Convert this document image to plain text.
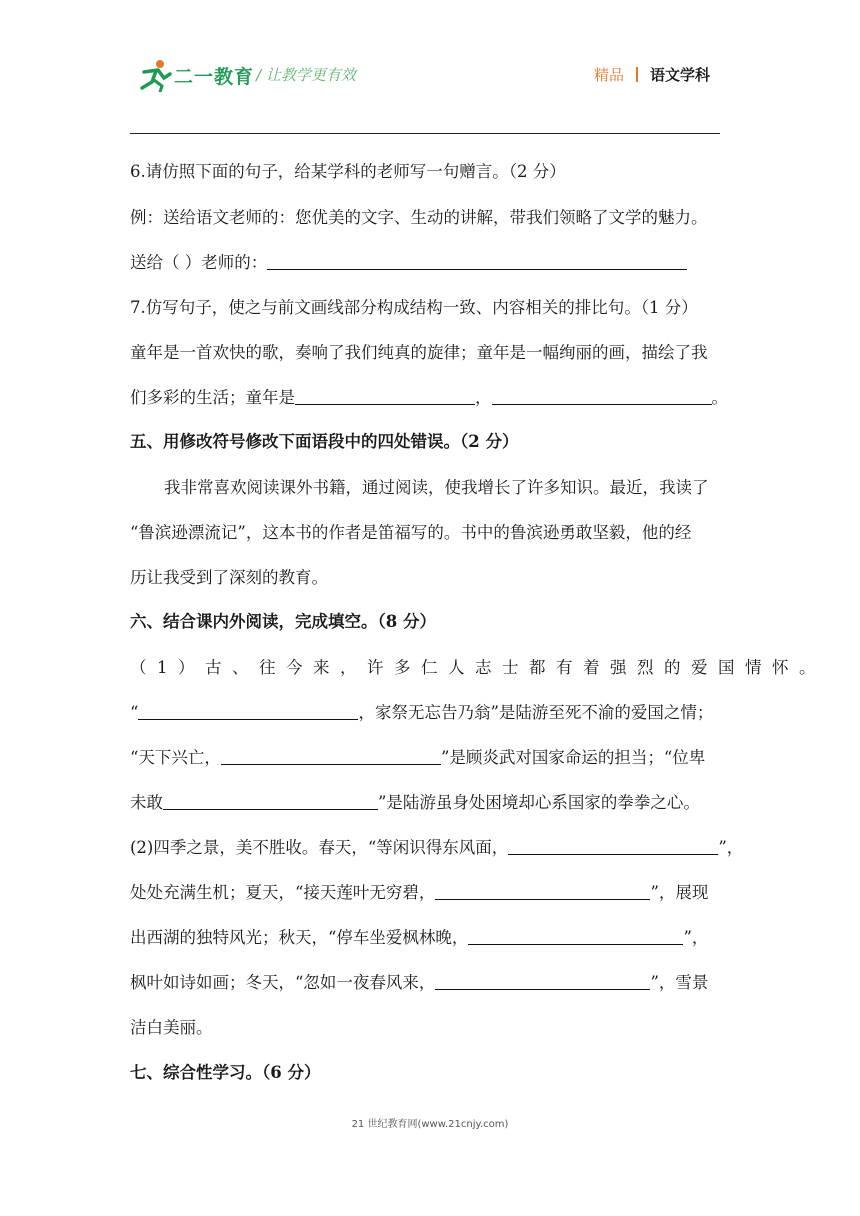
二一教育 / 让教学更有效	精品 语文学科
6.请仿照下面的句子，给某学科的老师写一句赠言。（2 分）
例：送给语文老师的：您优美的文字、生动的讲解，带我们领略了文学的魅力。
送给（ ）老师的：
7.仿写句子，使之与前文画线部分构成结构一致、内容相关的排比句。（1 分）
童年是一首欢快的歌，奏响了我们纯真的旋律；童年是一幅绚丽的画，描绘了我
们多彩的生活；童年是	，	。
五、用修改符号修改下面语段中的四处错误。（2 分）
我非常喜欢阅读课外书籍，通过阅读，使我增长了许多知识。最近，我读了
“鲁滨逊漂流记”，这本书的作者是笛福写的。书中的鲁滨逊勇敢坚毅，他的经
历让我受到了深刻的教育。
六、结合课内外阅读，完成填空。（8 分）
（1）古、往今来，许多仁人志士都有着强烈的爱国情怀。
“	，家祭无忘告乃翁”是陆游至死不渝的爱国之情；
“天下兴亡，	”是顾炎武对国家命运的担当；“位卑
未敢	”是陆游虽身处困境却心系国家的拳拳之心。
(2)四季之景，美不胜收。春天，“等闲识得东风面，	”，
处处充满生机；夏天，“接天莲叶无穷碧，	”，展现
出西湖的独特风光；秋天，“停车坐爱枫林晚，	”，
枫叶如诗如画；冬天，“忽如一夜春风来，	”，雪景
洁白美丽。
七、综合性学习。（6 分）
21 世纪教育网(www.21cnjy.com)
